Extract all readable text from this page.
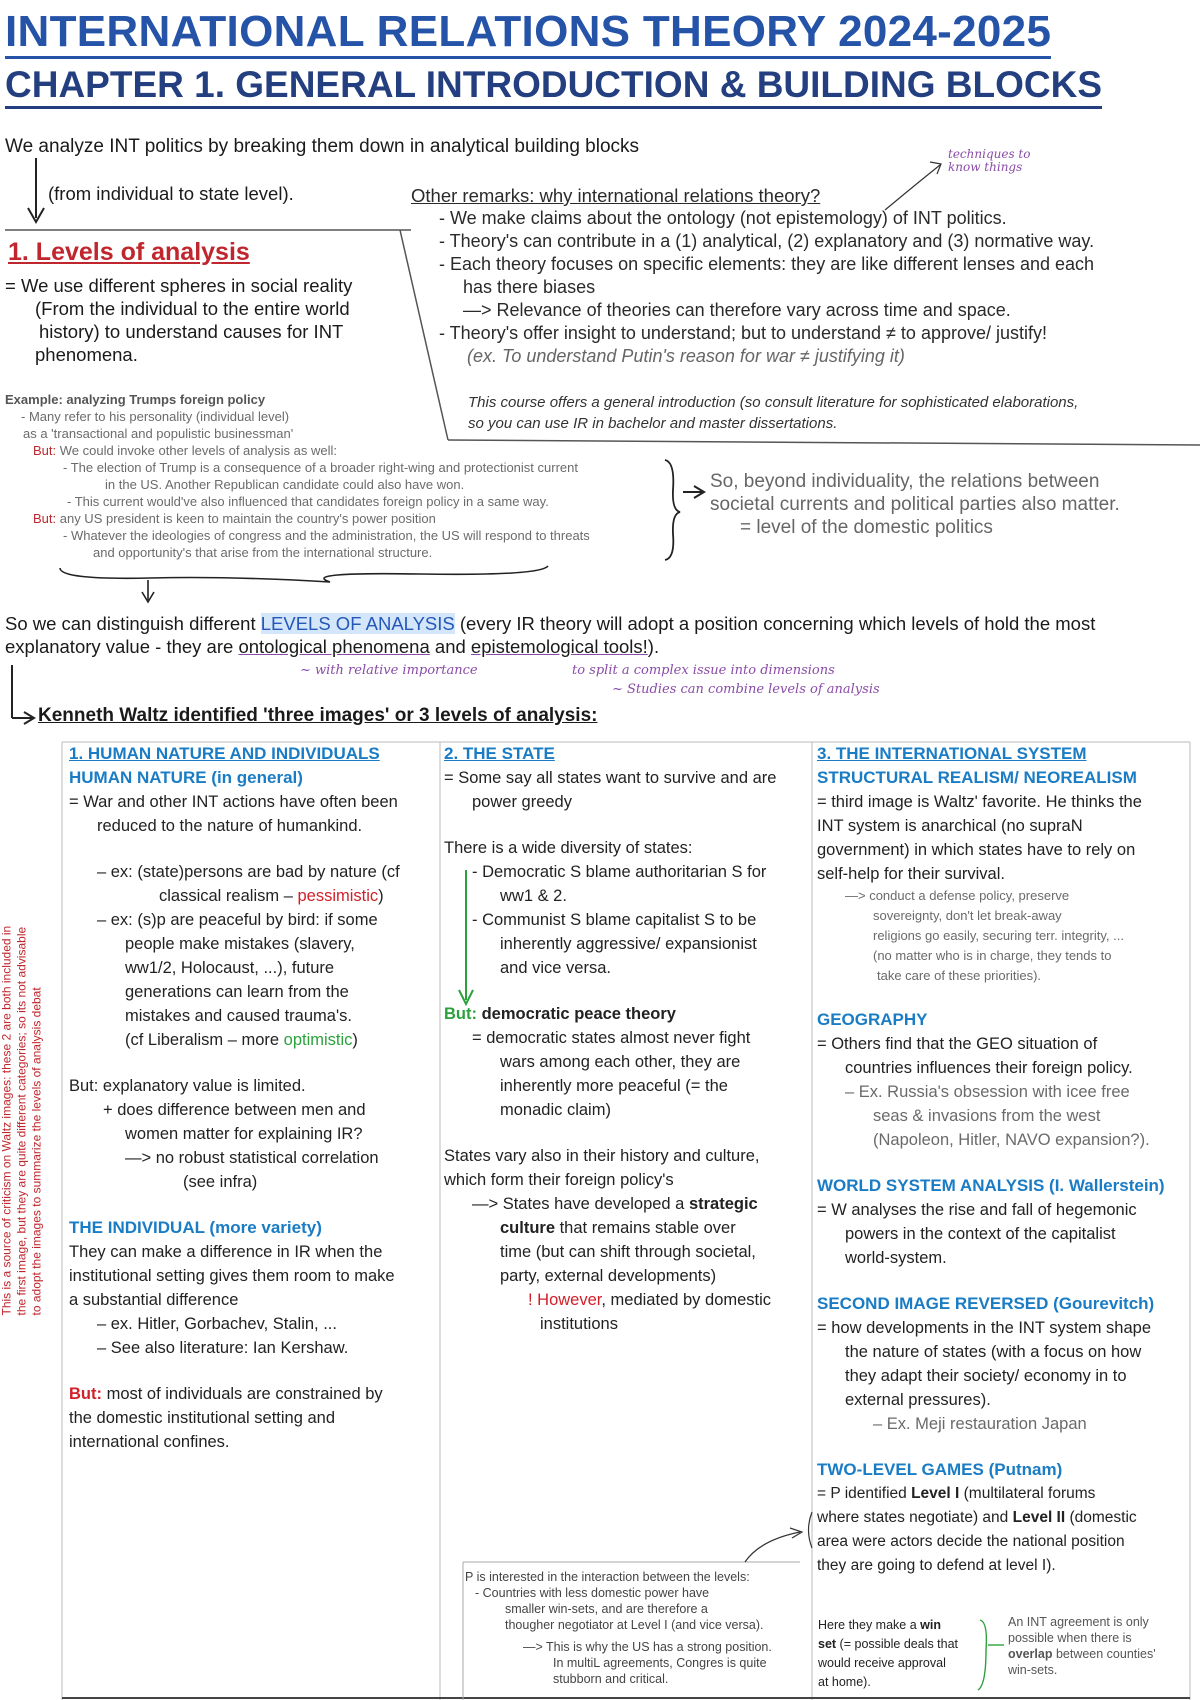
INTERNATIONAL RELATIONS THEORY 2024-2025
CHAPTER 1. GENERAL INTRODUCTION & BUILDING BLOCKS
We analyze INT politics by breaking them down in analytical building blocks
(from individual to state level).
techniques to know things
1. Levels of analysis
= We use different spheres in social reality
(From the individual to the entire world
history) to understand causes for INT
phenomena.
Example: analyzing Trumps foreign policy
- Many refer to his personality (individual level)
as a 'transactional and populistic businessman'
But: We could invoke other levels of analysis as well:
- The election of Trump is a consequence of a broader right-wing and protectionist current
in the US. Another Republican candidate could also have won.
- This current would've also influenced that candidates foreign policy in a same way.
But: any US president is keen to maintain the country's power position
- Whatever the ideologies of congress and the administration, the US will respond to threats
and opportunity's that arise from the international structure.
Other remarks: why international relations theory?
- We make claims about the ontology (not epistemology) of INT politics.
- Theory's can contribute in a (1) analytical, (2) explanatory and (3) normative way.
- Each theory focuses on specific elements: they are like different lenses and each
has there biases
—> Relevance of theories can therefore vary across time and space.
- Theory's offer insight to understand; but to understand ≠ to approve/ justify!
(ex. To understand Putin's reason for war ≠ justifying it)
This course offers a general introduction (so consult literature for sophisticated elaborations,
so you can use IR in bachelor and master dissertations.
So, beyond individuality, the relations between
societal currents and political parties also matter.
= level of the domestic politics
So we can distinguish different LEVELS OF ANALYSIS (every IR theory will adopt a position concerning which levels of hold the most explanatory value - they are ontological phenomena and epistemological tools!).
~ with relative importance	to split a complex issue into dimensions
~ Studies can combine levels of analysis
Kenneth Waltz identified 'three images' or 3 levels of analysis:
This is a source of criticism on Waltz images: these 2 are both included in the first image, but they are quite different categories; so its not advisable to adopt the images to summarize the levels of analysis debat
1. HUMAN NATURE AND INDIVIDUALS
HUMAN NATURE (in general)
= War and other INT actions have often been
reduced to the nature of humankind.
– ex: (state)persons are bad by nature (cf
classical realism – pessimistic)
– ex: (s)p are peaceful by bird: if some
people make mistakes (slavery,
ww1/2, Holocaust, ...), future
generations can learn from the
mistakes and caused trauma's.
(cf Liberalism – more optimistic)
But: explanatory value is limited.
+ does difference between men and
women matter for explaining IR?
—> no robust statistical correlation
(see infra)
THE INDIVIDUAL (more variety)
They can make a difference in IR when the
institutional setting gives them room to make
a substantial difference
– ex. Hitler, Gorbachev, Stalin, ...
– See also literature: Ian Kershaw.
But: most of individuals are constrained by
the domestic institutional setting and
international confines.
2. THE STATE
= Some say all states want to survive and are
power greedy
There is a wide diversity of states:
- Democratic S blame authoritarian S for
ww1 & 2.
- Communist S blame capitalist S to be
inherently aggressive/ expansionist
and vice versa.
But: democratic peace theory
= democratic states almost never fight
wars among each other, they are
inherently more peaceful (= the
monadic claim)
States vary also in their history and culture,
which form their foreign policy's
—> States have developed a strategic
culture that remains stable over
time (but can shift through societal,
party, external developments)
! However, mediated by domestic
institutions
3. THE INTERNATIONAL SYSTEM
STRUCTURAL REALISM/ NEOREALISM
= third image is Waltz' favorite. He thinks the
INT system is anarchical (no supraN
government) in which states have to rely on
self-help for their survival.
—> conduct a defense policy, preserve
sovereignty, don't let break-away
religions go easily, securing terr. integrity, ...
(no matter who is in charge, they tends to
take care of these priorities).
GEOGRAPHY
= Others find that the GEO situation of
countries influences their foreign policy.
– Ex. Russia's obsession with icee free
seas & invasions from the west
(Napoleon, Hitler, NAVO expansion?).
WORLD SYSTEM ANALYSIS (I. Wallerstein)
= W analyses the rise and fall of hegemonic
powers in the context of the capitalist
world-system.
SECOND IMAGE REVERSED (Gourevitch)
= how developments in the INT system shape
the nature of states (with a focus on how
they adapt their society/ economy in to
external pressures).
– Ex. Meji restauration Japan
TWO-LEVEL GAMES (Putnam)
= P identified Level I (multilateral forums
where states negotiate) and Level II (domestic
area were actors decide the national position
they are going to defend at level I).
P is interested in the interaction between the levels:
- Countries with less domestic power have
smaller win-sets, and are therefore a
thougher negotiator at Level I (and vice versa).
—> This is why the US has a strong position.
In multiL agreements, Congres is quite
stubborn and critical.
Here they make a win
set (= possible deals that
would receive approval
at home).
An INT agreement is only
possible when there is
overlap between counties'
win-sets.
